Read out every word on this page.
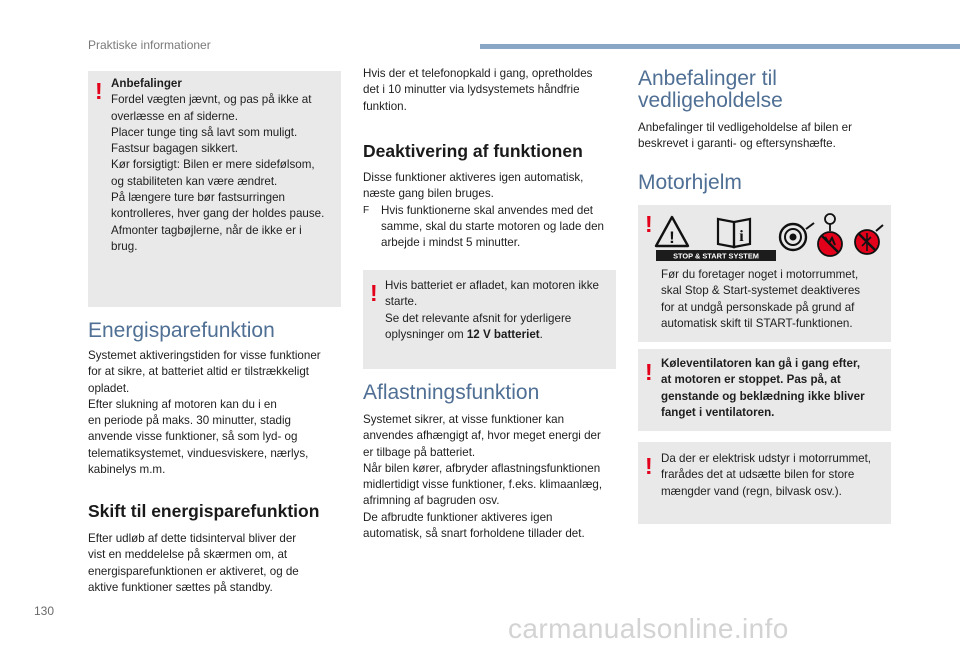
Praktiske informationer
130
carmanualsonline.info
! Anbefalinger

Fordel vægten jævnt, og pas på ikke at

overlæsse en af siderne.

Placer tunge ting så lavt som muligt.

Fastsur bagagen sikkert.

Kør forsigtigt: Bilen er mere sidefølsom,

og stabiliteten kan være ændret.

På længere ture bør fastsurringen

kontrolleres, hver gang der holdes pause.

Afmonter tagbøjlerne, når de ikke er i

brug.

Energisparefunktion

Systemet aktiveringstiden for visse funktioner

for at sikre, at batteriet altid er tilstrækkeligt

opladet.

Efter slukning af motoren kan du i en

en periode på maks. 30 minutter, stadig

anvende visse funktioner, så som lyd- og

telematiksystemet, vinduesviskere, nærlys,

kabinelys m.m.

Skift til energisparefunktion

Efter udløb af dette tidsinterval bliver der

vist en meddelelse på skærmen om, at

energisparefunktionen er aktiveret, og de

aktive funktioner sættes på standby.

Hvis der et telefonopkald i gang, opretholdes

det i 10 minutter via lydsystemets håndfrie

funktion.

Deaktivering af funktionen

Disse funktioner aktiveres igen automatisk,

næste gang bilen bruges.

F	Hvis funktionerne skal anvendes med det

samme, skal du starte motoren og lade den

arbejde i mindst 5 minutter.

! Hvis batteriet er afladet, kan motoren ikke

starte.

Se det relevante afsnit for yderligere

oplysninger om 12 V batteriet.

Aflastningsfunktion

Systemet sikrer, at visse funktioner kan

anvendes afhængigt af, hvor meget energi der

er tilbage på batteriet.

Når bilen kører, afbryder aflastningsfunktionen

midlertidigt visse funktioner, f.eks. klimaanlæg,

afrimning af bagruden osv.

De afbrudte funktioner aktiveres igen

automatisk, så snart forholdene tillader det.

Anbefalinger til
vedligeholdelse

Anbefalinger til vedligeholdelse af bilen er

beskrevet i garanti- og eftersynshæfte.

Motorhjelm
!
!	i
STOP & START SYSTEM

Før du foretager noget i motorrummet,

skal Stop & Start-systemet deaktiveres

for at undgå personskade på grund af

automatisk skift til START-funktionen.

! Køleventilatoren kan gå i gang efter,

at motoren er stoppet. Pas på, at

genstande og beklædning ikke bliver

fanget i ventilatoren.

! Da der er elektrisk udstyr i motorrummet,

frarådes det at udsætte bilen for store

mængder vand (regn, bilvask osv.).
